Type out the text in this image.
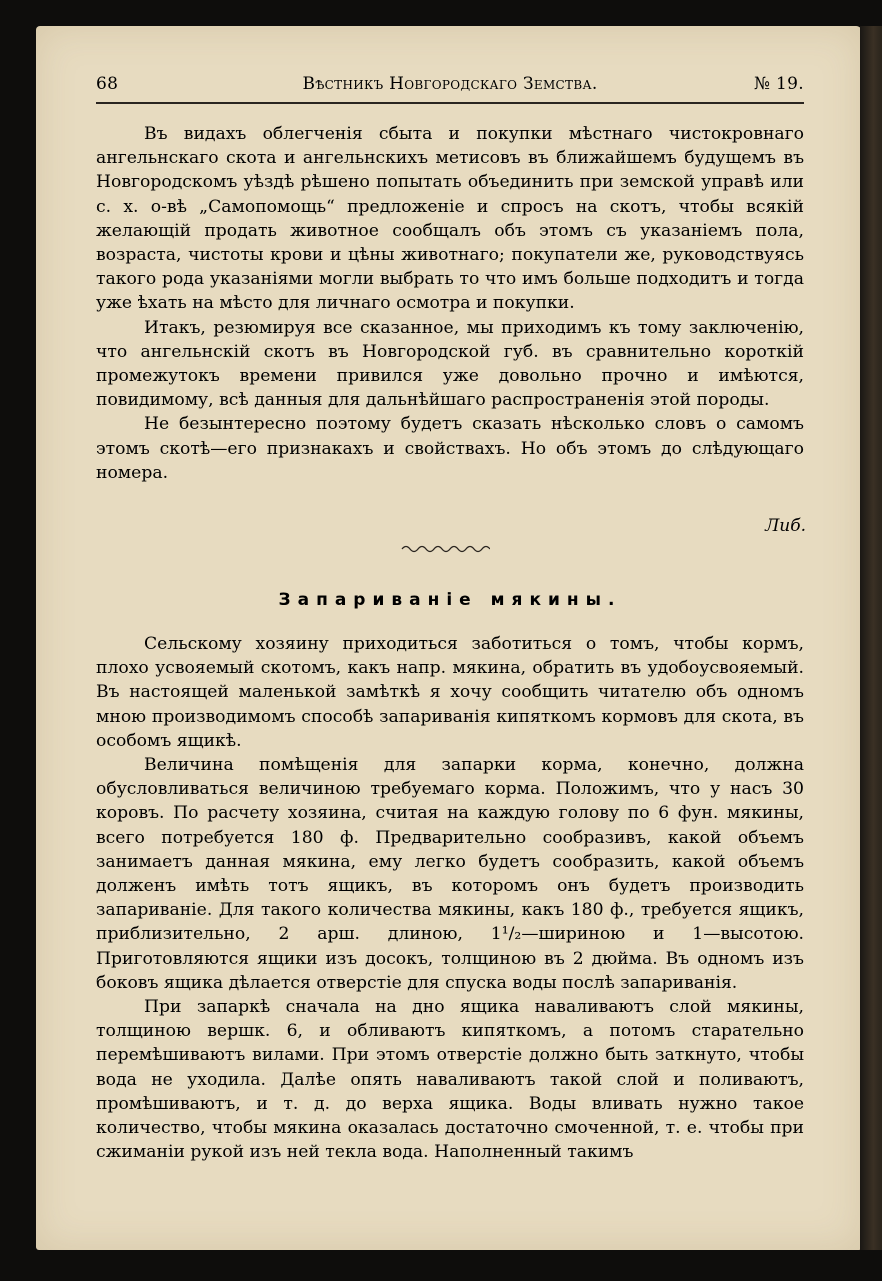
68	Вѣстникъ Новгородскаго Земства.	№ 19.

Въ видахъ облегченія сбыта и покупки мѣстнаго чистокровнаго ангельнскаго скота и ангельнскихъ метисовъ въ ближайшемъ будущемъ въ Новгородскомъ уѣздѣ рѣшено попытать объединить при земской управѣ или с. х. о-вѣ „Самопомощь“ предложеніе и спросъ на скотъ, чтобы всякій желающій продать животное сообщалъ объ этомъ съ указаніемъ пола, возраста, чистоты крови и цѣны животнаго; покупатели же, руководствуясь такого рода указаніями могли выбрать то что имъ больше подходитъ и тогда уже ѣхать на мѣсто для личнаго осмотра и покупки.

Итакъ, резюмируя все сказанное, мы приходимъ къ тому заключенію, что ангельнскій скотъ въ Новгородской губ. въ сравнительно короткій промежутокъ времени привился уже довольно прочно и имѣются, повидимому, всѣ данныя для дальнѣйшаго распространенія этой породы.

Не безынтересно поэтому будетъ сказать нѣсколько словъ о самомъ этомъ скотѣ—его признакахъ и свойствахъ. Но объ этомъ до слѣдующаго номера.

Либ.
Запариваніе мякины.

Сельскому хозяину приходиться заботиться о томъ, чтобы кормъ, плохо усвояемый скотомъ, какъ напр. мякина, обратить въ удобоусвояемый. Въ настоящей маленькой замѣткѣ я хочу сообщить читателю объ одномъ мною производимомъ способѣ запариванія кипяткомъ кормовъ для скота, въ особомъ ящикѣ.

Величина помѣщенія для запарки корма, конечно, должна обусловливаться величиною требуемаго корма. Положимъ, что у насъ 30 коровъ. По расчету хозяина, считая на каждую голову по 6 фун. мякины, всего потребуется 180 ф. Предварительно сообразивъ, какой объемъ занимаетъ данная мякина, ему легко будетъ сообразить, какой объемъ долженъ имѣть тотъ ящикъ, въ которомъ онъ будетъ производить запариваніе. Для такого количества мякины, какъ 180 ф., требуется ящикъ, приблизительно, 2 арш. длиною, 1¹/₂—шириною и 1—высотою. Приготовляются ящики изъ досокъ, толщиною въ 2 дюйма. Въ одномъ изъ боковъ ящика дѣлается отверстіе для спуска воды послѣ запариванія.

При запаркѣ сначала на дно ящика наваливаютъ слой мякины, толщиною вершк. 6, и обливаютъ кипяткомъ, а потомъ старательно перемѣшиваютъ вилами. При этомъ отверстіе должно быть заткнуто, чтобы вода не уходила. Далѣе опять наваливаютъ такой слой и поливаютъ, промѣшиваютъ, и т. д. до верха ящика. Воды вливать нужно такое количество, чтобы мякина оказалась достаточно смоченной, т. е. чтобы при сжиманіи рукой изъ ней текла вода. Наполненный такимъ
